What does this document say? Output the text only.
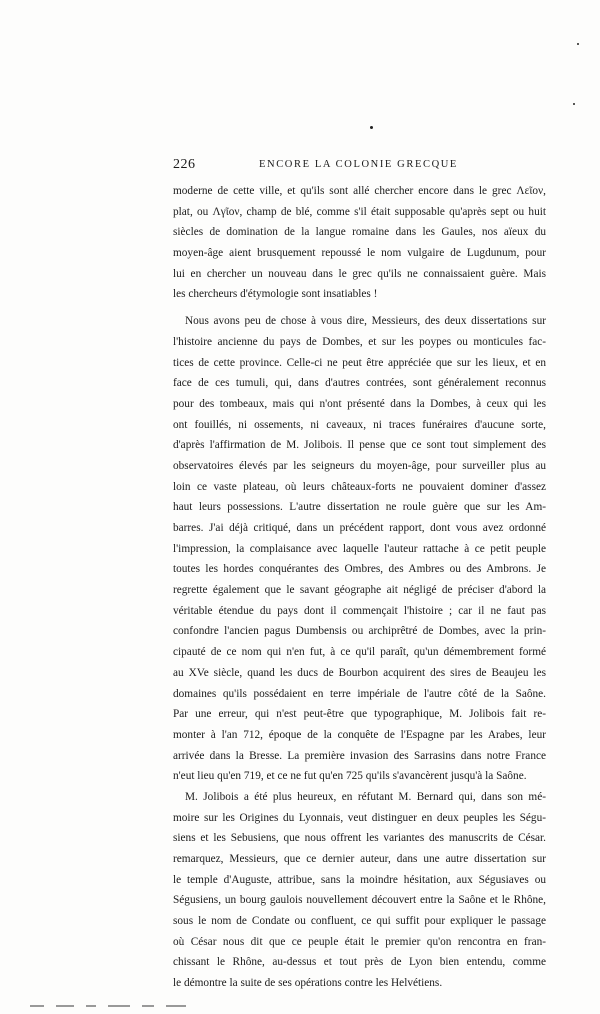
226	ENCORE LA COLONIE GRECQUE
moderne de cette ville, et qu'ils sont allé chercher encore dans le grec Λεῖον,
plat, ou Λγῖον, champ de blé, comme s'il était supposable qu'après sept ou huit
siècles de domination de la langue romaine dans les Gaules, nos aïeux du
moyen-âge aient brusquement repoussé le nom vulgaire de Lugdunum, pour
lui en chercher un nouveau dans le grec qu'ils ne connaissaient guère. Mais
les chercheurs d'étymologie sont insatiables !
Nous avons peu de chose à vous dire, Messieurs, des deux dissertations sur
l'histoire ancienne du pays de Dombes, et sur les poypes ou monticules fac-
tices de cette province. Celle-ci ne peut être appréciée que sur les lieux, et en
face de ces tumuli, qui, dans d'autres contrées, sont généralement reconnus
pour des tombeaux, mais qui n'ont présenté dans la Dombes, à ceux qui les
ont fouillés, ni ossements, ni caveaux, ni traces funéraires d'aucune sorte,
d'après l'affirmation de M. Jolibois. Il pense que ce sont tout simplement des
observatoires élevés par les seigneurs du moyen-âge, pour surveiller plus au
loin ce vaste plateau, où leurs châteaux-forts ne pouvaient dominer d'assez
haut leurs possessions. L'autre dissertation ne roule guère que sur les Am-
barres. J'ai déjà critiqué, dans un précédent rapport, dont vous avez ordonné
l'impression, la complaisance avec laquelle l'auteur rattache à ce petit peuple
toutes les hordes conquérantes des Ombres, des Ambres ou des Ambrons. Je
regrette également que le savant géographe ait négligé de préciser d'abord la
véritable étendue du pays dont il commençait l'histoire ; car il ne faut pas
confondre l'ancien pagus Dumbensis ou archiprêtré de Dombes, avec la prin-
cipauté de ce nom qui n'en fut, à ce qu'il paraît, qu'un démembrement formé
au XVe siècle, quand les ducs de Bourbon acquirent des sires de Beaujeu les
domaines qu'ils possédaient en terre impériale de l'autre côté de la Saône.
Par une erreur, qui n'est peut-être que typographique, M. Jolibois fait re-
monter à l'an 712, époque de la conquête de l'Espagne par les Arabes, leur
arrivée dans la Bresse. La première invasion des Sarrasins dans notre France
n'eut lieu qu'en 719, et ce ne fut qu'en 725 qu'ils s'avancèrent jusqu'à la Saône.
M. Jolibois a été plus heureux, en réfutant M. Bernard qui, dans son mé-
moire sur les Origines du Lyonnais, veut distinguer en deux peuples les Ségu-
siens et les Sebusiens, que nous offrent les variantes des manuscrits de César.
remarquez, Messieurs, que ce dernier auteur, dans une autre dissertation sur
le temple d'Auguste, attribue, sans la moindre hésitation, aux Ségusiaves ou
Ségusiens, un bourg gaulois nouvellement découvert entre la Saône et le Rhône,
sous le nom de Condate ou confluent, ce qui suffit pour expliquer le passage
où César nous dit que ce peuple était le premier qu'on rencontra en fran-
chissant le Rhône, au-dessus et tout près de Lyon bien entendu, comme
le démontre la suite de ses opérations contre les Helvétiens.
